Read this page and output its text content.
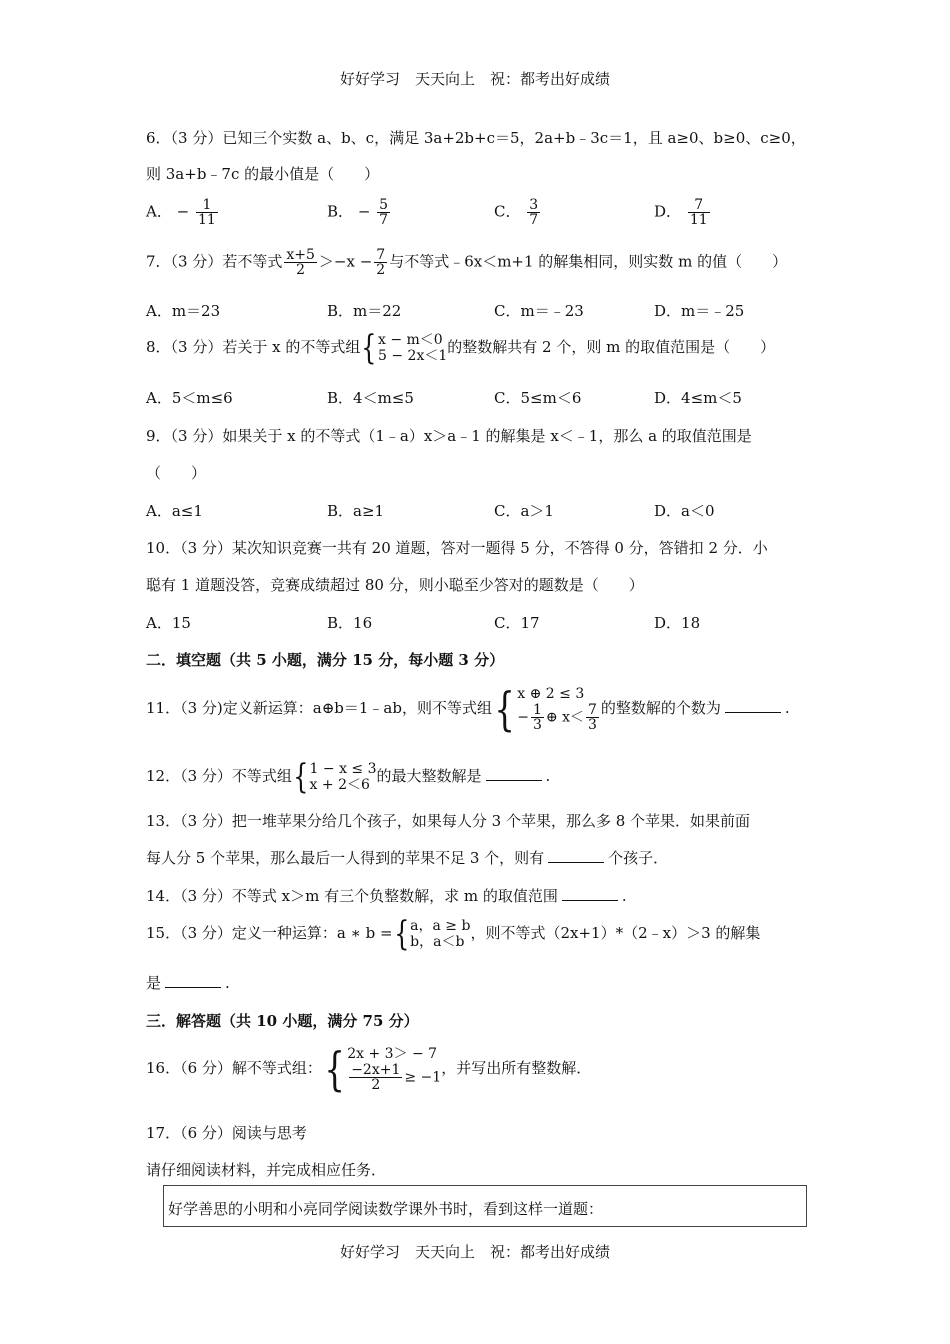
好好学习　天天向上　祝：都考出好成绩
6．（3 分）已知三个实数 a、b、c，满足 3a+2b+c＝5，2a+b﹣3c＝1，且 a≥0、b≥0、c≥0，
则 3a+b﹣7c 的最小值是（　　）
A． − $\frac{1}{11}$	B． − $\frac{5}{7}$	C． $\frac{3}{7}$	D． $\frac{7}{11}$
7．（3 分）若不等式 $\frac{x+5}{2} >-x - \frac{7}{2}$ 与不等式﹣6x＜m+1 的解集相同，则实数 m 的值（　　）
A．m＝23	B．m＝22	C．m＝﹣23	D．m＝﹣25
8．（3 分）若关于 x 的不等式组{ x − m＜0
5 − 2x＜1 的整数解共有 2 个，则 m 的取值范围是（　　）
A．5＜m≤6	B．4＜m≤5	C．5≤m＜6	D．4≤m＜5
9．（3 分）如果关于 x 的不等式（1﹣a）x＞a﹣1 的解集是 x＜﹣1，那么 a 的取值范围是
（　　）
A．a≤1	B．a≥1	C．a＞1	D．a＜0
10．（3 分）某次知识竞赛一共有 20 道题，答对一题得 5 分，不答得 0 分，答错扣 2 分．小
聪有 1 道题没答，竞赛成绩超过 80 分，则小聪至少答对的题数是（　　）
A．15	B．16	C．17	D．18
二．填空题（共 5 小题，满分 15 分，每小题 3 分）
11．（3 分)定义新运算：a⊕b＝1﹣ab，则不等式组{ x ⊕ 2 ≤ 3
− $\frac{1}{3}$ ⊕ $x< \frac{7}{3}$ 的整数解的个数为	.
12．（3 分）不等式组{ 1 − x ≤ 3
x + 2＜6 的最大整数解是	.
13．（3 分）把一堆苹果分给几个孩子，如果每人分 3 个苹果，那么多 8 个苹果．如果前面
每人分 5 个苹果，那么最后一人得到的苹果不足 3 个，则有	个孩子．
14．（3 分）不等式 x＞m 有三个负整数解，求 m 的取值范围	.
15．（3 分）定义一种运算：a ∗ b ={ a，a ≥ b
b，a＜b ，则不等式（2x+1）*（2﹣x）＞3 的解集
是	.
三．解答题（共 10 小题，满分 75 分）
16．（6 分）解不等式组：{ 2x + 3＞ − 7
$\frac{-2x+1}{2} \ge -1$
，并写出所有整数解．
17．（6 分）阅读与思考
请仔细阅读材料，并完成相应任务．
好学善思的小明和小亮同学阅读数学课外书时，看到这样一道题：
好好学习　天天向上　祝：都考出好成绩
